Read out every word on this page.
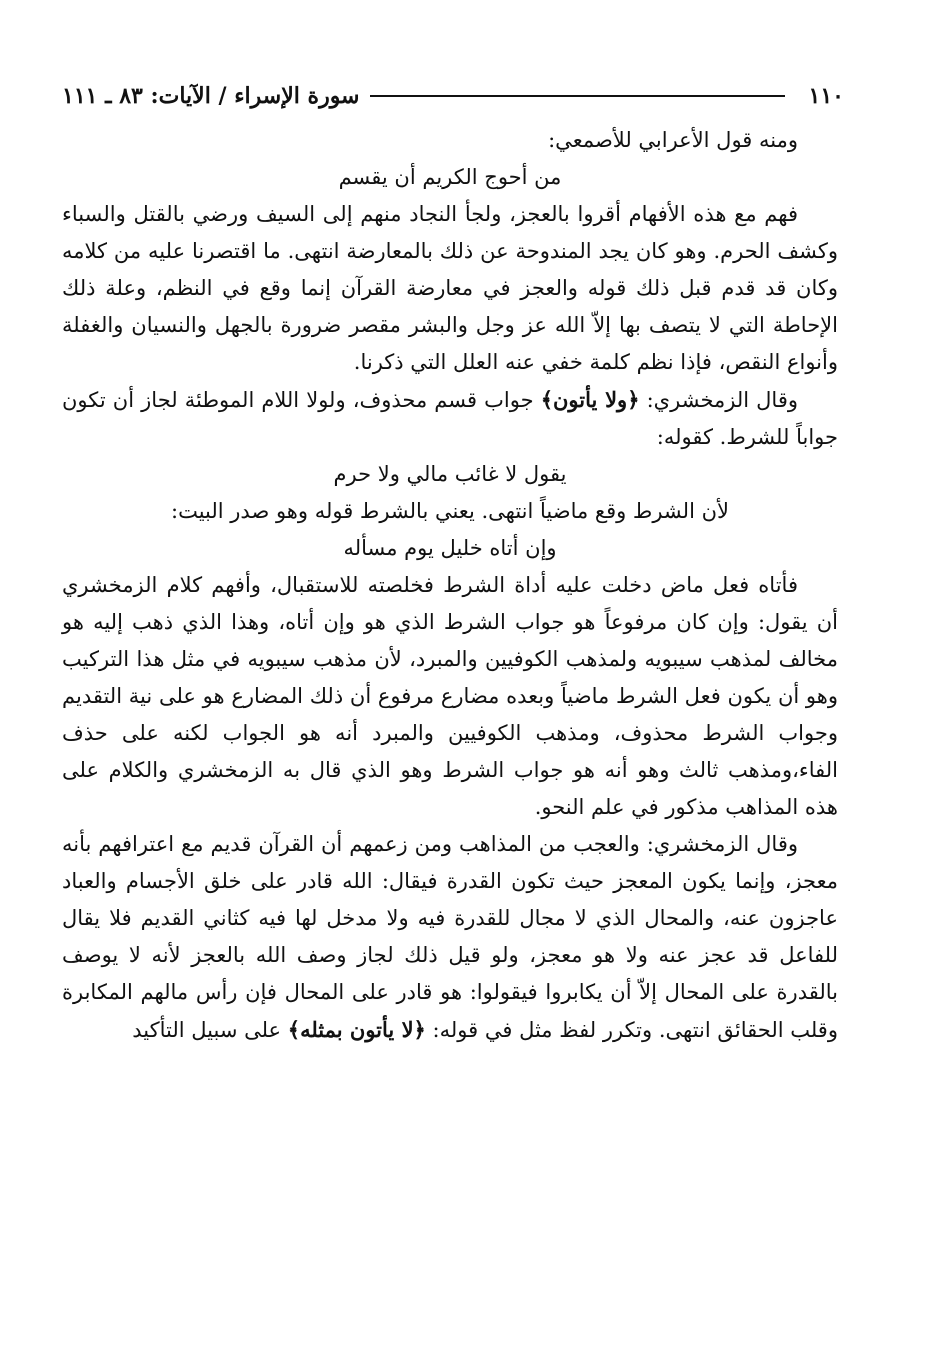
١١٠
سورة الإسراء / الآيات: ٨٣ ـ ١١١

ومنه قول الأعرابي للأصمعي:

من أحوج الكريم أن يقسم

فهم مع هذه الأفهام أقروا بالعجز، ولجأ النجاد منهم إلى السيف ورضي بالقتل والسباء وكشف الحرم. وهو كان يجد المندوحة عن ذلك بالمعارضة انتهى. ما اقتصرنا عليه من كلامه وكان قد قدم قبل ذلك قوله والعجز في معارضة القرآن إنما وقع في النظم، وعلة ذلك الإحاطة التي لا يتصف بها إلاّ الله عز وجل والبشر مقصر ضرورة بالجهل والنسيان والغفلة وأنواع النقص، فإذا نظم كلمة خفي عنه العلل التي ذكرنا.

وقال الزمخشري: ﴿ولا يأتون﴾ جواب قسم محذوف، ولولا اللام الموطئة لجاز أن تكون جواباً للشرط. كقوله:

يقول لا غائب مالي ولا حرم

لأن الشرط وقع ماضياً انتهى. يعني بالشرط قوله وهو صدر البيت:

وإن أتاه خليل يوم مسأله

فأتاه فعل ماض دخلت عليه أداة الشرط فخلصته للاستقبال، وأفهم كلام الزمخشري أن يقول: وإن كان مرفوعاً هو جواب الشرط الذي هو وإن أتاه، وهذا الذي ذهب إليه هو مخالف لمذهب سيبويه ولمذهب الكوفيين والمبرد، لأن مذهب سيبويه في مثل هذا التركيب وهو أن يكون فعل الشرط ماضياً وبعده مضارع مرفوع أن ذلك المضارع هو على نية التقديم وجواب الشرط محذوف، ومذهب الكوفيين والمبرد أنه هو الجواب لكنه على حذف الفاء،ومذهب ثالث وهو أنه هو جواب الشرط وهو الذي قال به الزمخشري والكلام على هذه المذاهب مذكور في علم النحو.

وقال الزمخشري: والعجب من المذاهب ومن زعمهم أن القرآن قديم مع اعترافهم بأنه معجز، وإنما يكون المعجز حيث تكون القدرة فيقال: الله قادر على خلق الأجسام والعباد عاجزون عنه، والمحال الذي لا مجال للقدرة فيه ولا مدخل لها فيه كثاني القديم فلا يقال للفاعل قد عجز عنه ولا هو معجز، ولو قيل ذلك لجاز وصف الله بالعجز لأنه لا يوصف بالقدرة على المحال إلاّ أن يكابروا فيقولوا: هو قادر على المحال فإن رأس مالهم المكابرة وقلب الحقائق انتهى. وتكرر لفظ مثل في قوله: ﴿لا يأتون بمثله﴾ على سبيل التأكيد
